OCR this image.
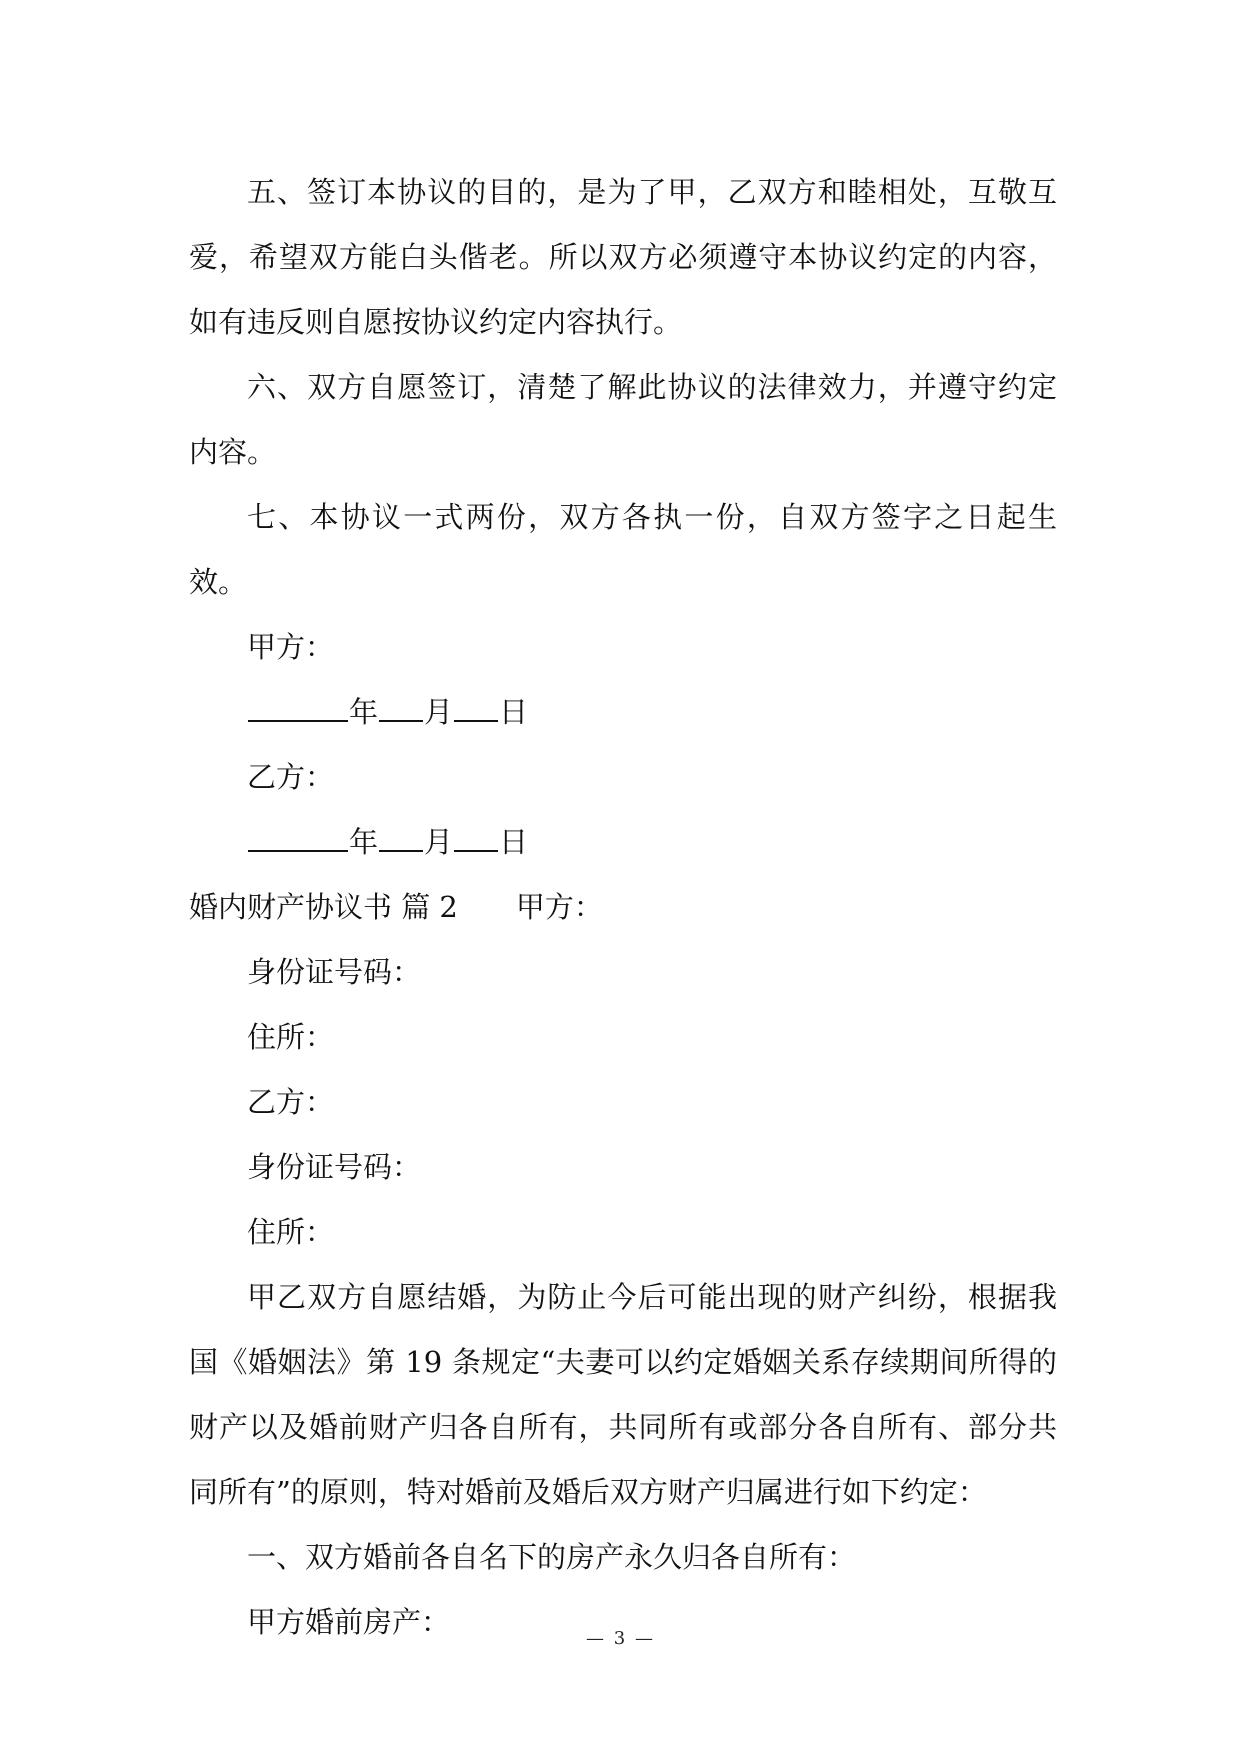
五、签订本协议的目的，是为了甲，乙双方和睦相处，互敬互爱，希望双方能白头偕老。所以双方必须遵守本协议约定的内容，如有违反则自愿按协议约定内容执行。

六、双方自愿签订，清楚了解此协议的法律效力，并遵守约定内容。

七、本协议一式两份，双方各执一份，自双方签字之日起生效。

甲方：

年 月 日

乙方：

年 月 日

婚内财产协议书 篇 2 甲方：

身份证号码：

住所：

乙方：

身份证号码：

住所：

甲乙双方自愿结婚，为防止今后可能出现的财产纠纷，根据我国《婚姻法》第 19 条规定“夫妻可以约定婚姻关系存续期间所得的财产以及婚前财产归各自所有，共同所有或部分各自所有、部分共同所有”的原则，特对婚前及婚后双方财产归属进行如下约定：

一、双方婚前各自名下的房产永久归各自所有：

甲方婚前房产：	— 3 —
